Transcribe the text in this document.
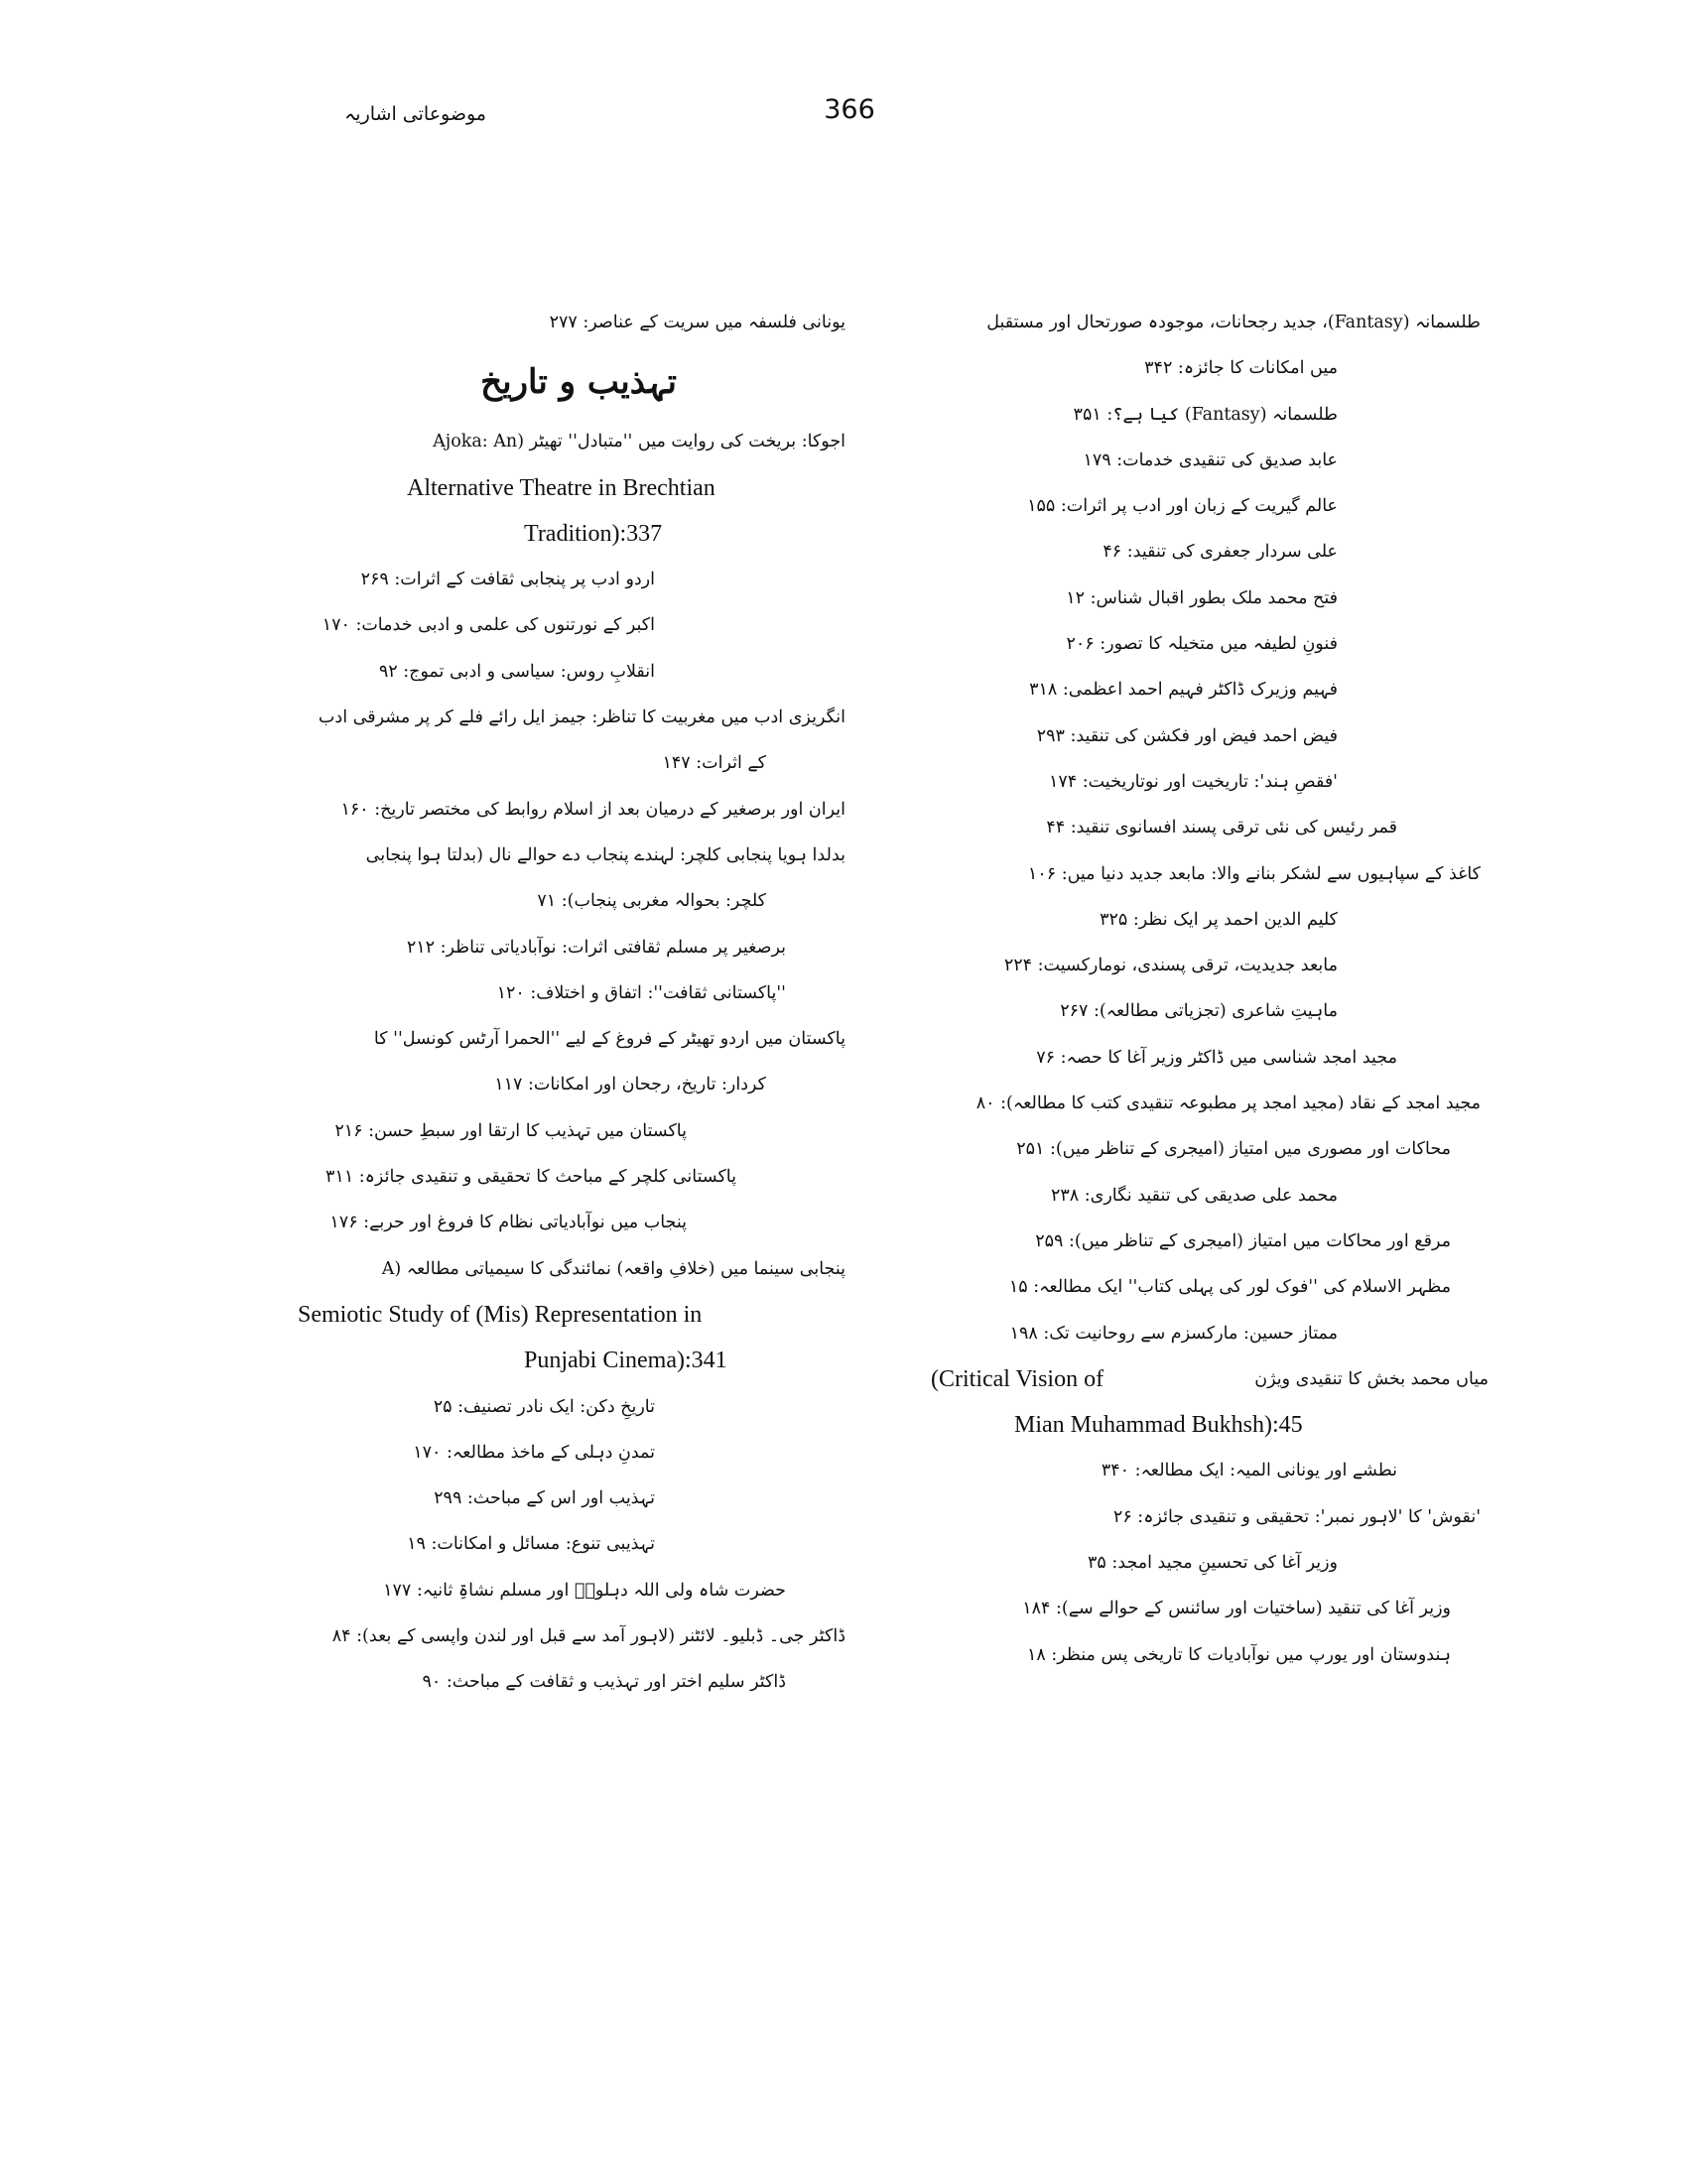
موضوعاتی اشاریہ	366
طلسمانہ (Fantasy)، جدید رجحانات، موجودہ صورتحال اور مستقبل
میں امکانات کا جائزہ: ۳۴۲
طلسمانہ (Fantasy) کیا ہے؟: ۳۵۱
عابد صدیق کی تنقیدی خدمات: ۱۷۹
عالم گیریت کے زبان اور ادب پر اثرات: ۱۵۵
علی سردار جعفری کی تنقید: ۴۶
فتح محمد ملک بطور اقبال شناس: ۱۲
فنونِ لطیفہ میں متخیلہ کا تصور: ۲۰۶
فہیم وزیرک ڈاکٹر فہیم احمد اعظمی: ۳۱۸
فیض احمد فیض اور فکشن کی تنقید: ۲۹۳
'فقصِ ہند': تاریخیت اور نوتاریخیت: ۱۷۴
قمر رئیس کی نئی ترقی پسند افسانوی تنقید: ۴۴
کاغذ کے سپاہیوں سے لشکر بنانے والا: مابعد جدید دنیا میں: ۱۰۶
کلیم الدین احمد پر ایک نظر: ۳۲۵
مابعد جدیدیت، ترقی پسندی، نومارکسیت: ۲۲۴
ماہیتِ شاعری (تجزیاتی مطالعہ): ۲۶۷
مجید امجد شناسی میں ڈاکٹر وزیر آغا کا حصہ: ۷۶
مجید امجد کے نقاد (مجید امجد پر مطبوعہ تنقیدی کتب کا مطالعہ): ۸۰
محاکات اور مصوری میں امتیاز (امیجری کے تناظر میں): ۲۵۱
محمد علی صدیقی کی تنقید نگاری: ۲۳۸
مرقع اور محاکات میں امتیاز (امیجری کے تناظر میں): ۲۵۹
مظہر الاسلام کی ''فوک لور کی پہلی کتاب'' ایک مطالعہ: ۱۵
ممتاز حسین: مارکسزم سے روحانیت تک: ۱۹۸
(Critical Vision of	میاں محمد بخش کا تنقیدی ویژن
Mian Muhammad Bukhsh):45
نطشے اور یونانی المیہ: ایک مطالعہ: ۳۴۰
'نقوش' کا 'لاہور نمبر': تحقیقی و تنقیدی جائزہ: ۲۶
وزیر آغا کی تحسینِ مجید امجد: ۳۵
وزیر آغا کی تنقید (ساختیات اور سائنس کے حوالے سے): ۱۸۴
ہندوستان اور یورپ میں نوآبادیات کا تاریخی پس منظر: ۱۸
یونانی فلسفہ میں سریت کے عناصر: ۲۷۷
تہذیب و تاریخ
اجوکا: بریخت کی روایت میں ''متبادل'' تھیٹر (Ajoka: An
Alternative Theatre in Brechtian
Tradition):337
اردو ادب پر پنجابی ثقافت کے اثرات: ۲۶۹
اکبر کے نورتنوں کی علمی و ادبی خدمات: ۱۷۰
انقلابِ روس: سیاسی و ادبی تموج: ۹۲
انگریزی ادب میں مغربیت کا تناظر: جیمز ایل رائے فلے کر پر مشرقی ادب
کے اثرات: ۱۴۷
ایران اور برصغیر کے درمیان بعد از اسلام روابط کی مختصر تاریخ: ۱۶۰
بدلدا ہویا پنجابی کلچر: لہندے پنجاب دے حوالے نال (بدلتا ہوا پنجابی
کلچر: بحوالہ مغربی پنجاب): ۷۱
برصغیر پر مسلم ثقافتی اثرات: نوآبادیاتی تناظر: ۲۱۲
''پاکستانی ثقافت'': اتفاق و اختلاف: ۱۲۰
پاکستان میں اردو تھیٹر کے فروغ کے لیے ''الحمرا آرٹس کونسل'' کا
کردار: تاریخ، رجحان اور امکانات: ۱۱۷
پاکستان میں تہذیب کا ارتقا اور سبطِ حسن: ۲۱۶
پاکستانی کلچر کے مباحث کا تحقیقی و تنقیدی جائزہ: ۳۱۱
پنجاب میں نوآبادیاتی نظام کا فروغ اور حربے: ۱۷۶
پنجابی سینما میں (خلافِ واقعہ) نمائندگی کا سیمیاتی مطالعہ (A
Semiotic Study of (Mis) Representation in
Punjabi Cinema):341
تاریخِ دکن: ایک نادر تصنیف: ۲۵
تمدنِ دہلی کے ماخذ مطالعہ: ۱۷۰
تہذیب اور اس کے مباحث: ۲۹۹
تہذیبی تنوع: مسائل و امکانات: ۱۹
حضرت شاہ ولی اللہ دہلویؒ اور مسلم نشاۃِ ثانیہ: ۱۷۷
ڈاکٹر جی۔ ڈبلیو۔ لائٹنر (لاہور آمد سے قبل اور لندن واپسی کے بعد): ۸۴
ڈاکٹر سلیم اختر اور تہذیب و ثقافت کے مباحث: ۹۰
